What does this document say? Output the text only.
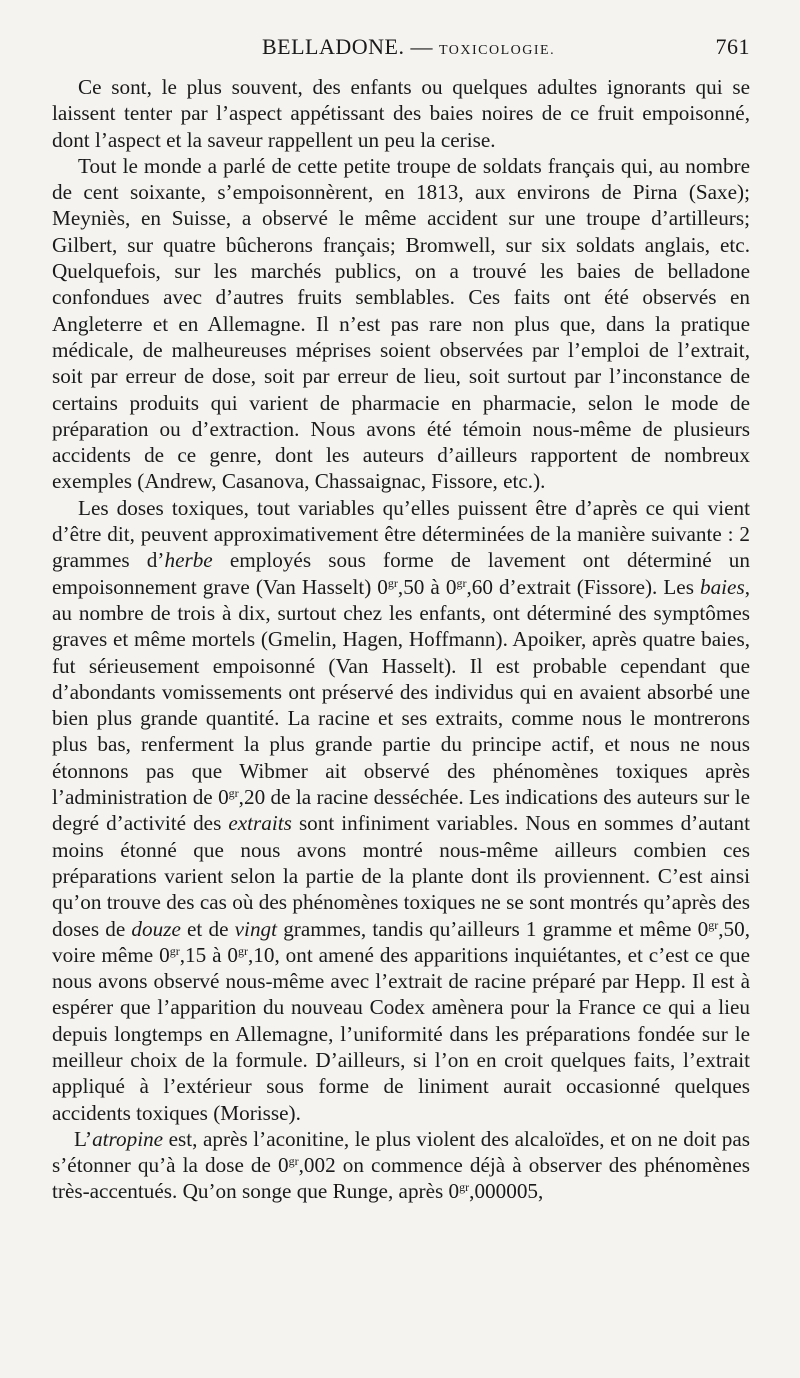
BELLADONE. — TOXICOLOGIE.	761

Ce sont, le plus souvent, des enfants ou quelques adultes ignorants qui se laissent tenter par l’aspect appétissant des baies noires de ce fruit empoisonné, dont l’aspect et la saveur rappellent un peu la cerise.

Tout le monde a parlé de cette petite troupe de soldats français qui, au nombre de cent soixante, s’empoisonnèrent, en 1813, aux environs de Pirna (Saxe); Meyniès, en Suisse, a observé le même accident sur une troupe d’artilleurs; Gilbert, sur quatre bûcherons français; Bromwell, sur six soldats anglais, etc. Quelquefois, sur les marchés publics, on a trouvé les baies de belladone confondues avec d’autres fruits semblables. Ces faits ont été observés en Angleterre et en Allemagne. Il n’est pas rare non plus que, dans la pratique médicale, de malheureuses méprises soient observées par l’emploi de l’extrait, soit par erreur de dose, soit par erreur de lieu, soit surtout par l’inconstance de certains produits qui varient de pharmacie en pharmacie, selon le mode de préparation ou d’extraction. Nous avons été témoin nous-même de plusieurs accidents de ce genre, dont les auteurs d’ailleurs rapportent de nombreux exemples (Andrew, Casanova, Chassaignac, Fissore, etc.).

Les doses toxiques, tout variables qu’elles puissent être d’après ce qui vient d’être dit, peuvent approximativement être déterminées de la manière suivante : 2 grammes d’herbe employés sous forme de lavement ont déterminé un empoisonnement grave (Van Hasselt) $0^{gr},50$ à $0^{gr},60$ d’extrait (Fissore). Les baies, au nombre de trois à dix, surtout chez les enfants, ont déterminé des symptômes graves et même mortels (Gmelin, Hagen, Hoffmann). Apoiker, après quatre baies, fut sérieusement empoisonné (Van Hasselt). Il est probable cependant que d’abondants vomissements ont préservé des individus qui en avaient absorbé une bien plus grande quantité. La racine et ses extraits, comme nous le montrerons plus bas, renferment la plus grande partie du principe actif, et nous ne nous étonnons pas que Wibmer ait observé des phénomènes toxiques après l’administration de $0^{gr},20$ de la racine desséchée. Les indications des auteurs sur le degré d’activité des extraits sont infiniment variables. Nous en sommes d’autant moins étonné que nous avons montré nous-même ailleurs combien ces préparations varient selon la partie de la plante dont ils proviennent. C’est ainsi qu’on trouve des cas où des phénomènes toxiques ne se sont montrés qu’après des doses de douze et de vingt grammes, tandis qu’ailleurs 1 gramme et même $0^{gr},50$, voire même $0^{gr},15$ à $0^{gr},10$, ont amené des apparitions inquiétantes, et c’est ce que nous avons observé nous-même avec l’extrait de racine préparé par Hepp. Il est à espérer que l’apparition du nouveau Codex amènera pour la France ce qui a lieu depuis longtemps en Allemagne, l’uniformité dans les préparations fondée sur le meilleur choix de la formule. D’ailleurs, si l’on en croit quelques faits, l’extrait appliqué à l’extérieur sous forme de liniment aurait occasionné quelques accidents toxiques (Morisse).

L’atropine est, après l’aconitine, le plus violent des alcaloïdes, et on ne doit pas s’étonner qu’à la dose de $0^{gr},002$ on commence déjà à observer des phénomènes très-accentués. Qu’on songe que Runge, après $0^{gr},000005$,
